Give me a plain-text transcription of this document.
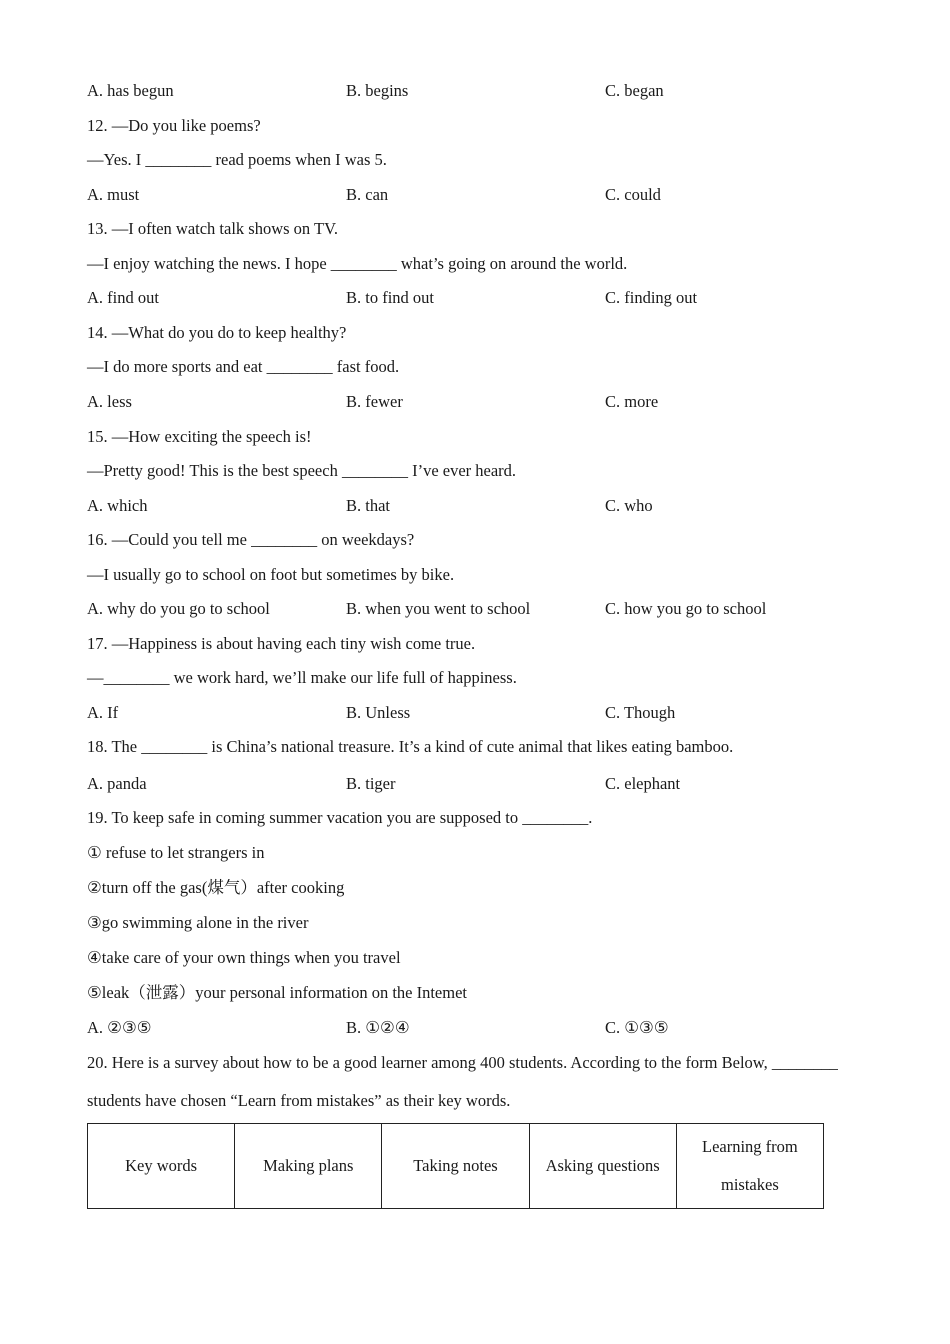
A. has begun	B. begins	C. began
12. —Do you like poems?
—Yes. I ________ read poems when I was 5.
A. must	B. can	C. could
13. —I often watch talk shows on TV.
—I enjoy watching the news. I hope ________ what’s going on around the world.
A. find out	B. to find out	C. finding out
14. —What do you do to keep healthy?
—I do more sports and eat ________ fast food.
A. less	B. fewer	C. more
15. —How exciting the speech is!
—Pretty good! This is the best speech ________ I’ve ever heard.
A. which	B. that	C. who
16. —Could you tell me ________ on weekdays?
—I usually go to school on foot but sometimes by bike.
A. why do you go to school	B. when you went to school	C. how you go to school
17. —Happiness is about having each tiny wish come true.
—________ we work hard, we’ll make our life full of happiness.
A. If	B. Unless	C. Though
18. The ________ is China’s national treasure. It’s a kind of cute animal that likes eating bamboo.
A. panda	B. tiger	C. elephant
19. To keep safe in coming summer vacation you are supposed to ________.
① refuse to let strangers in
②turn off the gas(煤气）after cooking
③go swimming alone in the river
④take care of your own things when you travel
⑤leak（泄露）your personal information on the Intemet
A. ②③⑤	B. ①②④	C. ①③⑤
20. Here is a survey about how to be a good learner among 400 students. According to the form Below, ________
students have chosen “Learn from mistakes” as their key words.
Key words	Making plans	Taking notes	Asking questions	Learning from mistakes
